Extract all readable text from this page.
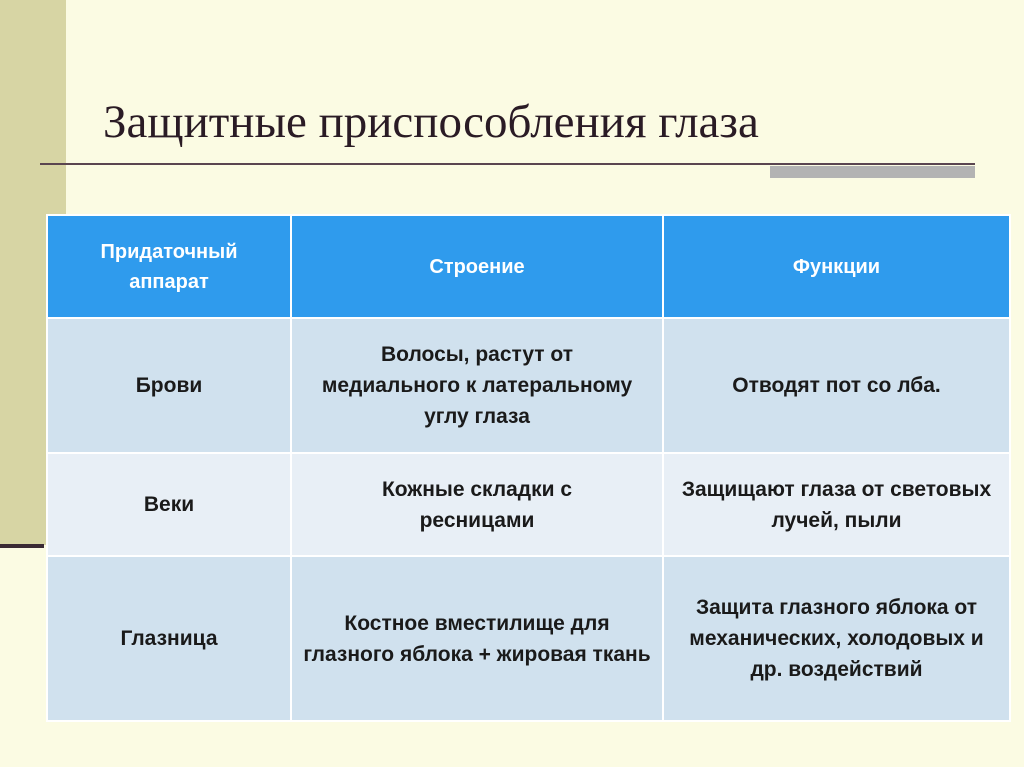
Защитные приспособления глаза
Придаточный аппарат	Строение	Функции
Брови	Волосы, растут от медиального к латеральному углу глаза	Отводят пот со лба.
Веки	Кожные складки с ресницами	Защищают глаза от световых лучей, пыли
Глазница	Костное вместилище для глазного яблока + жировая ткань	Защита глазного яблока от механических, холодовых и др. воздействий
